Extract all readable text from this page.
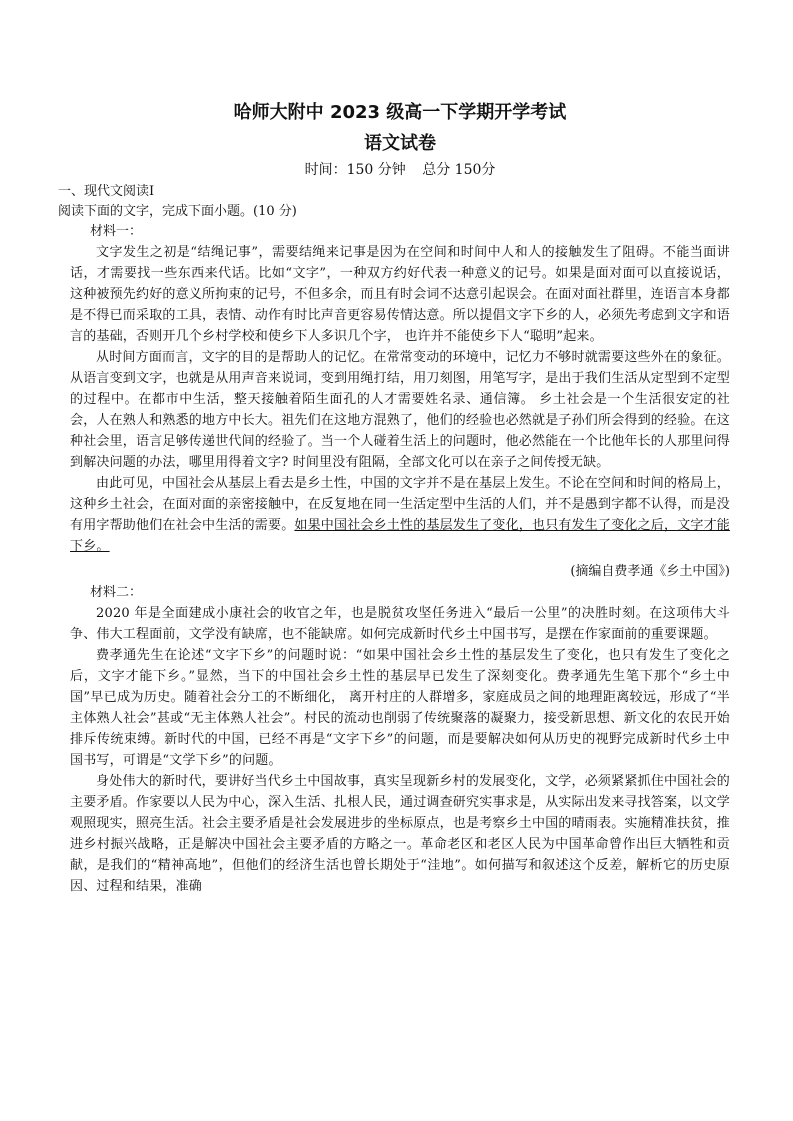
哈师大附中 2023 级高一下学期开学考试
语文试卷
时间：150 分钟 总分 150分
一、现代文阅读Ⅰ
阅读下面的文字，完成下面小题。(10 分)
材料一：

文字发生之初是“结绳记事”，需要结绳来记事是因为在空间和时间中人和人的接触发生了阻碍。不能当面讲话，才需要找一些东西来代话。比如“文字”，一种双方约好代表一种意义的记号。如果是面对面可以直接说话，这种被预先约好的意义所拘束的记号，不但多余，而且有时会词不达意引起误会。在面对面社群里，连语言本身都是不得已而采取的工具，表情、动作有时比声音更容易传情达意。所以提倡文字下乡的人，必须先考虑到文字和语言的基础，否则开几个乡村学校和使乡下人多识几个字， 也许并不能使乡下人“聪明”起来。

从时间方面而言，文字的目的是帮助人的记忆。在常常变动的环境中，记忆力不够时就需要这些外在的象征。从语言变到文字，也就是从用声音来说词，变到用绳打结，用刀刻图，用笔写字，是出于我们生活从定型到不定型的过程中。在都市中生活，整天接触着陌生面孔的人才需要姓名录、通信簿。 乡土社会是一个生活很安定的社会，人在熟人和熟悉的地方中长大。祖先们在这地方混熟了，他们的经验也必然就是子孙们所会得到的经验。在这种社会里，语言足够传递世代间的经验了。当一个人碰着生活上的问题时，他必然能在一个比他年长的人那里问得到解决问题的办法，哪里用得着文字? 时间里没有阻隔，全部文化可以在亲子之间传授无缺。

由此可见，中国社会从基层上看去是乡土性，中国的文字并不是在基层上发生。不论在空间和时间的格局上，这种乡土社会，在面对面的亲密接触中，在反复地在同一生活定型中生活的人们，并不是愚到字都不认得，而是没有用字帮助他们在社会中生活的需要。如果中国社会乡土性的基层发生了变化，也只有发生了变化之后，文字才能下乡。

(摘编自费孝通《乡土中国》)
材料二：

2020 年是全面建成小康社会的收官之年，也是脱贫攻坚任务进入“最后一公里”的决胜时刻。在这项伟大斗争、伟大工程面前，文学没有缺席，也不能缺席。如何完成新时代乡土中国书写，是摆在作家面前的重要课题。

费孝通先生在论述“文字下乡”的问题时说：“如果中国社会乡土性的基层发生了变化，也只有发生了变化之后，文字才能下乡。”显然，当下的中国社会乡土性的基层早已发生了深刻变化。费孝通先生笔下那个“乡土中国”早已成为历史。随着社会分工的不断细化， 离开村庄的人群增多，家庭成员之间的地理距离较远，形成了“半主体熟人社会”甚或“无主体熟人社会”。村民的流动也削弱了传统聚落的凝聚力，接受新思想、新文化的农民开始排斥传统束缚。新时代的中国，已经不再是“文字下乡”的问题，而是要解决如何从历史的视野完成新时代乡土中国书写，可谓是“文学下乡”的问题。

身处伟大的新时代，要讲好当代乡土中国故事，真实呈现新乡村的发展变化，文学，必须紧紧抓住中国社会的主要矛盾。作家要以人民为中心，深入生活、扎根人民，通过调查研究实事求是，从实际出发来寻找答案，以文学观照现实，照亮生活。社会主要矛盾是社会发展进步的坐标原点，也是考察乡土中国的晴雨表。实施精准扶贫，推进乡村振兴战略，正是解决中国社会主要矛盾的方略之一。革命老区和老区人民为中国革命曾作出巨大牺牲和贡献，是我们的“精神高地”，但他们的经济生活也曾长期处于“洼地”。如何描写和叙述这个反差，解析它的历史原因、过程和结果，准确
